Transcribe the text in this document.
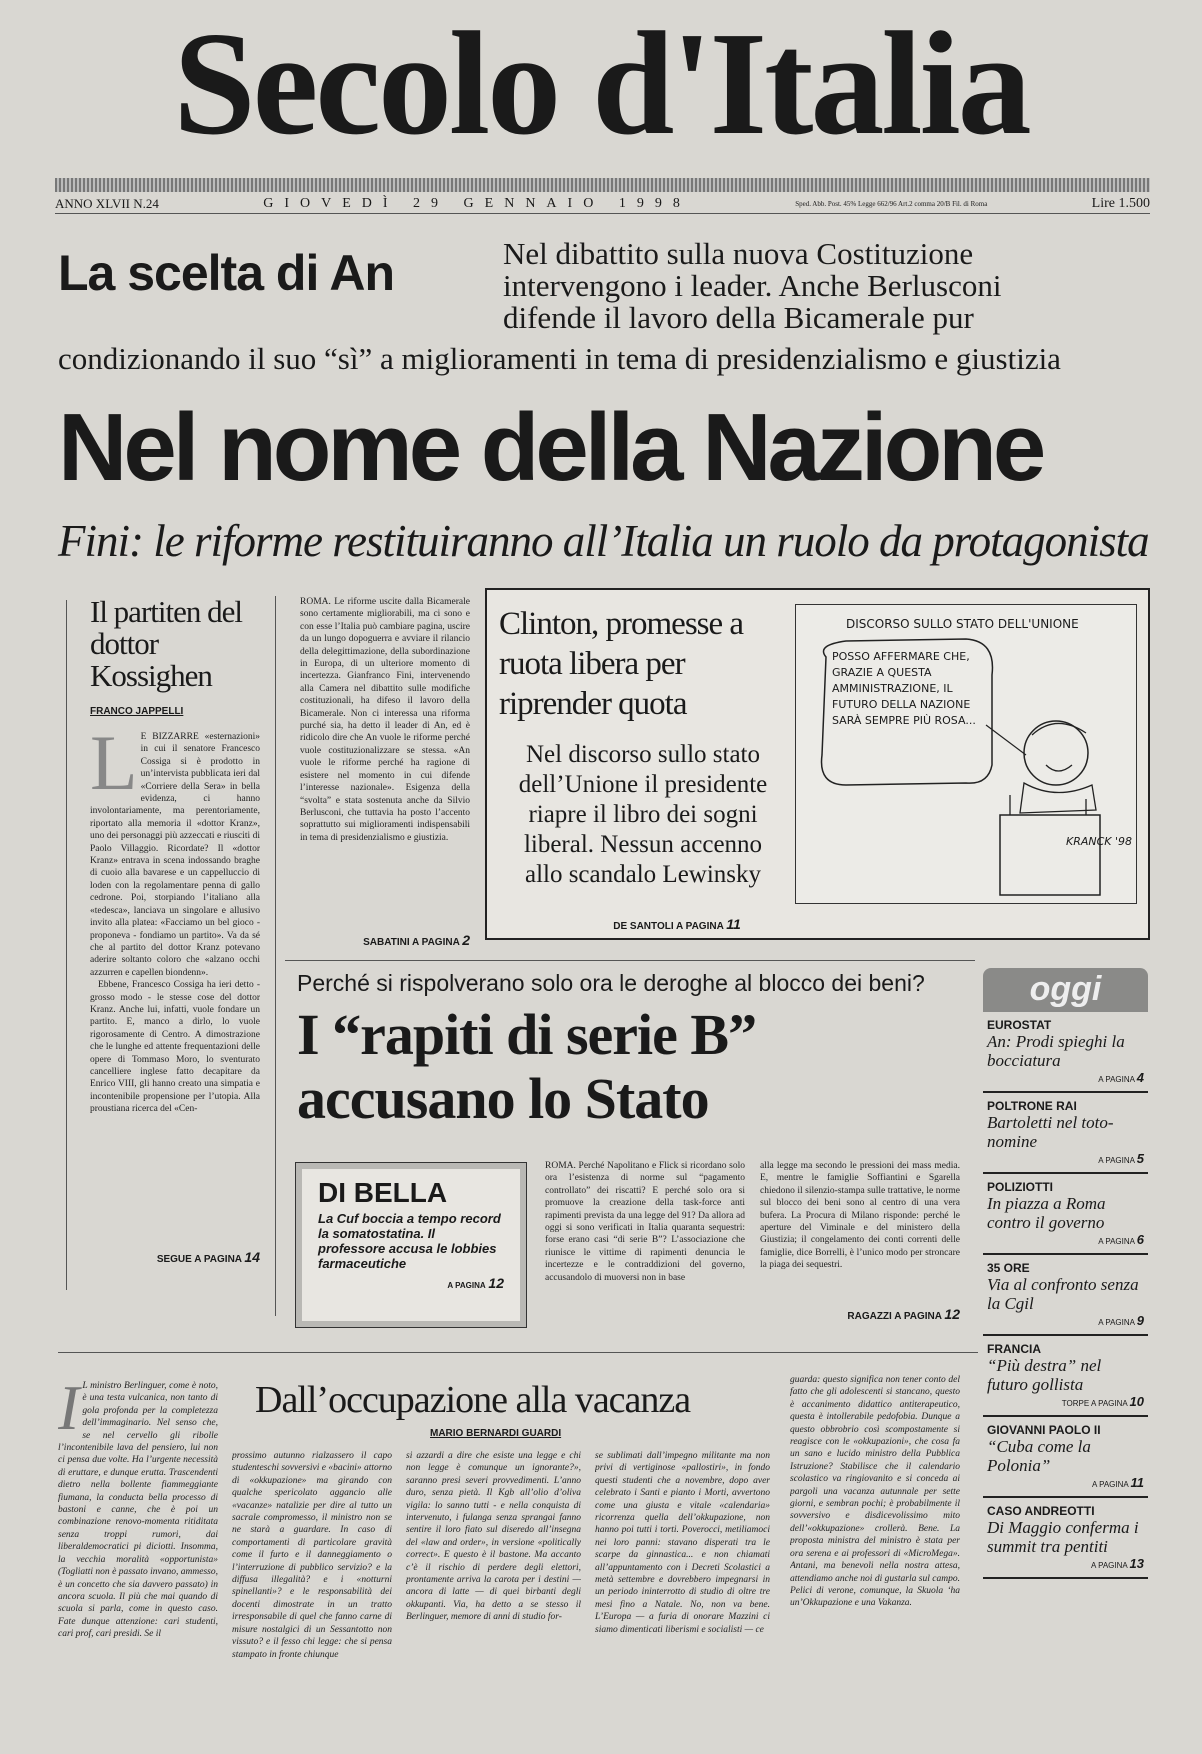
Secolo d'Italia
ANNO XLVII N.24	GIOVEDÌ 29 GENNAIO 1998	Sped. Abb. Post. 45% Legge 662/96 Art.2 comma 20/B Fil. di Roma	Lire 1.500
La scelta di An	Nel dibattito sulla nuova Costituzione intervengono i leader. Anche Berlusconi difende il lavoro della Bicamerale pur
condizionando il suo “sì” a miglioramenti in tema di presidenzialismo e giustizia
Nel nome della Nazione
Fini: le riforme restituiranno all’Italia un ruolo da protagonista
Il partiten del dottor Kossighen
FRANCO JAPPELLI
L E BIZZARRE «esternazioni» in cui il senatore Francesco Cossiga si è prodotto in un’intervista pubblicata ieri dal «Corriere della Sera» in bella evidenza, ci hanno involontariamente, ma perentoriamente, riportato alla memoria il «dottor Kranz», uno dei personaggi più azzeccati e riusciti di Paolo Villaggio. Ricordate? Il «dottor Kranz» entrava in scena indossando braghe di cuoio alla bavarese e un cappelluccio di loden con la regolamentare penna di gallo cedrone. Poi, storpiando l’italiano alla «tedesca», lanciava un singolare e allusivo invito alla platea: «Facciamo un bel gioco - proponeva - fondiamo un partito». Va da sé che al partito del dottor Kranz potevano aderire soltanto coloro che «alzano occhi azzurren e capellen biondenn».
Ebbene, Francesco Cossiga ha ieri detto - grosso modo - le stesse cose del dottor Kranz. Anche lui, infatti, vuole fondare un partito. E, manco a dirlo, lo vuole rigorosamente di Centro. A dimostrazione che le lunghe ed attente frequentazioni delle opere di Tommaso Moro, lo sventurato cancelliere inglese fatto decapitare da Enrico VIII, gli hanno creato una simpatia e incontenibile propensione per l’utopia. Alla proustiana ricerca del «Cen-
SEGUE A PAGINA 14
ROMA. Le riforme uscite dalla Bicamerale sono certamente migliorabili, ma ci sono e con esse l’Italia può cambiare pagina, uscire da un lungo dopoguerra e avviare il rilancio della delegittimazione, della subordinazione in Europa, di un ulteriore momento di incertezza. Gianfranco Fini, intervenendo alla Camera nel dibattito sulle modifiche costituzionali, ha difeso il lavoro della Bicamerale. Non ci interessa una riforma purché sia, ha detto il leader di An, ed è ridicolo dire che An vuole le riforme perché vuole costituzionalizzare se stessa. «An vuole le riforme perché ha ragione di esistere nel momento in cui difende l’interesse nazionale». Esigenza della “svolta” e stata sostenuta anche da Silvio Berlusconi, che tuttavia ha posto l’accento soprattutto sui miglioramenti indispensabili in tema di presidenzialismo e giustizia.
SABATINI A PAGINA 2
Clinton, promesse a ruota libera per riprender quota
Nel discorso sullo stato dell’Unione il presidente riapre il libro dei sogni liberal. Nessun accenno allo scandalo Lewinsky
DE SANTOLI A PAGINA 11
DISCORSO SULLO STATO DELL'UNIONE
POSSO AFFERMARE CHE, GRAZIE A QUESTA AMMINISTRAZIONE, IL FUTURO DELLA NAZIONE SARÀ SEMPRE PIÙ ROSA...
KRANCK '98
Perché si rispolverano solo ora le deroghe al blocco dei beni?
I “rapiti di serie B”
accusano lo Stato
DI BELLA
La Cuf boccia a tempo record la somatostatina. Il professore accusa le lobbies farmaceutiche
A PAGINA 12
ROMA. Perché Napolitano e Flick si ricordano solo ora l’esistenza di norme sul “pagamento controllato” dei riscatti? E perché solo ora si promuove la creazione della task-force anti rapimenti prevista da una legge del 91? Da allora ad oggi si sono verificati in Italia quaranta sequestri: forse erano casi “di serie B”? L’associazione che riunisce le vittime di rapimenti denuncia le incertezze e le contraddizioni del governo, accusandolo di muoversi non in base
alla legge ma secondo le pressioni dei mass media. E, mentre le famiglie Soffiantini e Sgarella chiedono il silenzio-stampa sulle trattative, le norme sul blocco dei beni sono al centro di una vera bufera. La Procura di Milano risponde: perché le aperture del Viminale e del ministero della Giustizia; il congelamento dei conti correnti delle famiglie, dice Borrelli, è l’unico modo per stroncare la piaga dei sequestri.
RAGAZZI A PAGINA 12
oggi
EUROSTAT
An: Prodi spieghi la bocciatura
A PAGINA 4
POLTRONE RAI
Bartoletti nel toto-nomine
A PAGINA 5
POLIZIOTTI
In piazza a Roma contro il governo
A PAGINA 6
35 ORE
Via al confronto senza la Cgil
A PAGINA 9
FRANCIA
“Più destra” nel futuro gollista
TORPE A PAGINA 10
GIOVANNI PAOLO II
“Cuba come la Polonia”
A PAGINA 11
CASO ANDREOTTI
Di Maggio conferma i summit tra pentiti
A PAGINA 13
Dall’occupazione alla vacanza
MARIO BERNARDI GUARDI
I L ministro Berlinguer, come è noto, è una testa vulcanica, non tanto di gola profonda per la completezza dell’immaginario. Nel senso che, se nel cervello gli ribolle l’incontenibile lava del pensiero, lui non ci pensa due volte. Ha l’urgente necessità di eruttare, e dunque erutta. Trascendenti dietro nella bollente fiammeggiante fiumana, la conducta bella processo di bastoni e canne, che è poi un combinazione renovo-momenta ritiditata senza troppi rumori, dai liberaldemocratici pi diciotti. Insomma, la vecchia moralità «opportunista» (Togliatti non è passato invano, ammesso, è un concetto che sia davvero passato) in ancora scuola. Il più che mai quando di scuola si parla, come in questo caso. Fate dunque attenzione: cari studenti, cari prof, cari presidi. Se il
prossimo autunno rialzassero il capo studenteschi sovversivi e «bacini» attorno di «okkupazione» ma girando con qualche spericolato aggancio alle «vacanze» natalizie per dire al tutto un sacrale compromesso, il ministro non se ne starà a guardare. In caso di comportamenti di particolare gravità come il furto e il danneggiamento o l’interruzione di pubblico servizio? e la diffusa illegalità? e i «notturni spinellanti»? e le responsabilità dei docenti dimostrate in un tratto irresponsabile di quel che fanno carne di misure nostalgici di un Sessantotto non vissuto? e il fesso chi legge: che si pensa stampato in fronte chiunque
si azzardi a dire che esiste una legge e chi non legge è comunque un ignorante?», saranno presi severi provvedimenti. L’anno duro, senza pietà. Il Kgb all’olio d’oliva vigila: lo sanno tutti - e nella conquista di intervenuto, i fulanga senza sprangai fanno sentire il loro fiato sul diseredo all’insegna del «law and order», in versione «politically correct». E questo è il bastone. Ma accanto c’è il rischio di perdere degli elettori, prontamente arriva la carota per i destini — ancora di latte — di quei birbanti degli okkupanti. Via, ha detto a se stesso il Berlinguer, memore di anni di studio for-
se sublimati dall’impegno militante ma non privi di vertiginose «pallostiri», in fondo questi studenti che a novembre, dopo aver celebrato i Santi e pianto i Morti, avvertono come una giusta e vitale «calendaria» ricorrenza quella dell’okkupazione, non hanno poi tutti i torti. Poverocci, metiliamoci nei loro panni: stavano disperati tra le scarpe da ginnastica... e non chiamati all’appuntamento con i Decreti Scolastici a metà settembre e dovrebbero impegnarsi in un periodo ininterrotto di studio di oltre tre mesi fino a Natale. No, non va bene. L’Europa — a furia di onorare Mazzini ci siamo dimenticati liberismi e socialisti — ce
guarda: questo significa non tener conto del fatto che gli adolescenti si stancano, questo è accanimento didattico antiterapeutico, questa è intollerabile pedofobia. Dunque a questo obbrobrio così scompostamente si reagisce con le «okkupazioni», che cosa fa un sano e lucido ministro della Pubblica Istruzione? Stabilisce che il calendario scolastico va ringiovanito e si conceda ai pargoli una vacanza autunnale per sette giorni, e sembran pochi; è probabilmente il sovversivo e disdicevolissimo mito dell’«okkupazione» crollerà. Bene. La proposta ministra del ministro è stata per ora serena e ai professori di «MicroMega». Antani, ma benevoli nella nostra attesa, attendiamo anche noi di gustarla sul campo. Pelici di verone, comunque, la Skuola ‘ha un’Okkupazione e una Vakanza.
